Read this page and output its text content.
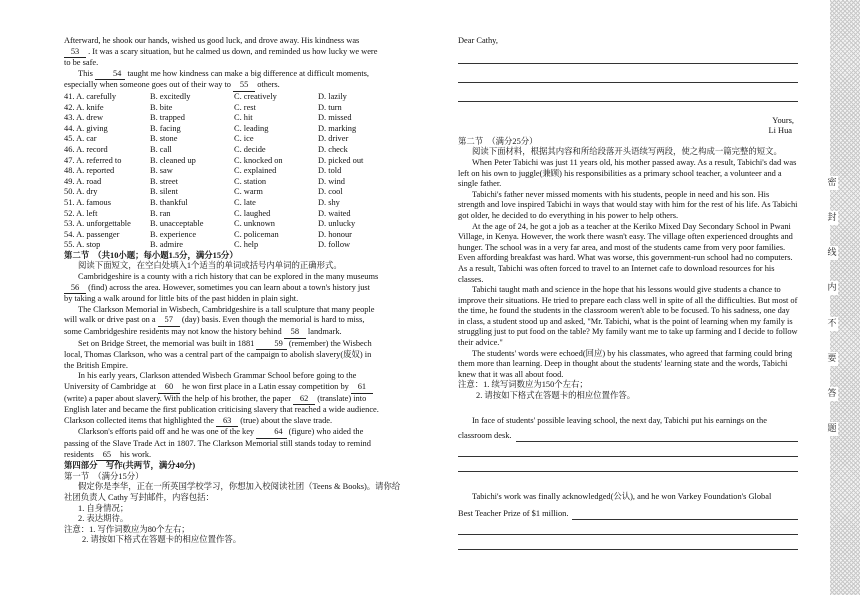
Afterward, he shook our hands, wished us good luck, and drove away. His kindness was

53 . It was a scary situation, but he calmed us down, and reminded us how lucky we were

to be safe.

This 54 taught me how kindness can make a big difference at difficult moments,

especially when someone goes out of their way to 55 others.

41. A. carefully	B. excitedly	C. creatively	D. lazily
42. A. knife	B. bite	C. rest	D. turn
43. A. drew	B. trapped	C. hit	D. missed
44. A. giving	B. facing	C. leading	D. marking
45. A. car	B. stone	C. ice	D. driver
46. A. record	B. call	C. decide	D. check
47. A. referred to	B. cleaned up	C. knocked on	D. picked out
48. A. reported	B. saw	C. explained	D. told
49. A. road	B. street	C. station	D. wind
50. A. dry	B. silent	C. warm	D. cool
51. A. famous	B. thankful	C. late	D. shy
52. A. left	B. ran	C. laughed	D. waited
53. A. unforgettable	B. unacceptable	C. unknown	D. unlucky
54. A. passenger	B. experience	C. policeman	D. honour
55. A. stop	B. admire	C. help	D. follow

第二节　（共10小题；每小题1.5分，满分15分）

阅读下面短文，在空白处填入1个适当的单词或括号内单词的正确形式。

Cambridgeshire is a county with a rich history that can be explored in the many museums

56 (find) across the area. However, sometimes you can learn about a town's history just

by taking a walk around for little bits of the past hidden in plain sight.

The Clarkson Memorial in Wisbech, Cambridgeshire is a tall sculpture that many people

will walk or drive past on a 57 (day) basis. Even though the memorial is hard to miss,

some Cambridgeshire residents may not know the history behind 58 landmark.

Set on Bridge Street, the memorial was built in 1881 59 (remember) the Wisbech

local, Thomas Clarkson, who was a central part of the campaign to abolish slavery(废奴) in

the British Empire.

In his early years, Clarkson attended Wisbech Grammar School before going to the

University of Cambridge at 60 he won first place in a Latin essay competition by 61

(write) a paper about slavery. With the help of his brother, the paper 62 (translate) into

English later and became the first publication criticising slavery that reached a wide audience.

Clarkson collected items that highlighted the 63 (true) about the slave trade.

Clarkson's efforts paid off and he was one of the key 64 (figure) who aided the

passing of the Slave Trade Act in 1807. The Clarkson Memorial still stands today to remind

residents 65 his work.

第四部分　写作(共两节，满分40分)

第一节　（满分15分）

假定你是李华，正在一所英国学校学习，你想加入校阅读社团（Teens & Books)。请你给

社团负责人 Cathy 写封邮件，内容包括：

1. 自身情况；

2. 表达期待。

注意：1. 写作词数应为80个左右；

2. 请按如下格式在答题卡的相应位置作答。

Dear Cathy,

Yours,

Li Hua

第二节　（满分25分）

阅读下面材料，根据其内容和所给段落开头语续写两段，使之构成一篇完整的短文。

When Peter Tabichi was just 11 years old, his mother passed away. As a result, Tabichi's dad was left on his own to juggle(兼顾) his responsibilities as a primary school teacher, a volunteer and a single father.

Tabichi's father never missed moments with his students, people in need and his son. His strength and love inspired Tabichi in ways that would stay with him for the rest of his life. As Tabichi got older, he decided to do everything in his power to help others.

At the age of 24, he got a job as a teacher at the Keriko Mixed Day Secondary School in Pwani Village, in Kenya. However, the work there wasn't easy. The village often experienced droughts and hunger. The school was in a very far area, and most of the students came from very poor families. Even affording breakfast was hard. What was worse, this government-run school had no computers. As a result, Tabichi was often forced to travel to an Internet cafe to download resources for his classes.

Tabichi taught math and science in the hope that his lessons would give students a chance to improve their situations. He tried to prepare each class well in spite of all the difficulties. But most of the time, he found the students in the classroom weren't able to be focused. To his sadness, one day in class, a student stood up and asked, "Mr. Tabichi, what is the point of learning when my family is struggling just to put food on the table? My family want me to take up farming and I decide to follow their advice."

The students' words were echoed(回应) by his classmates, who agreed that farming could bring them more than learning. Deep in thought about the students' learning state and the words, Tabichi knew that it was all about food.

注意：1. 续写词数应为150个左右；

2. 请按如下格式在答题卡的相应位置作答。

In face of students' possible leaving school, the next day, Tabichi put his earnings on the

classroom desk.

Tabichi's work was finally acknowledged(公认), and he won Varkey Foundation's Global

Best Teacher Prize of $1 million.

密
封
线
内
不
要
答
题
